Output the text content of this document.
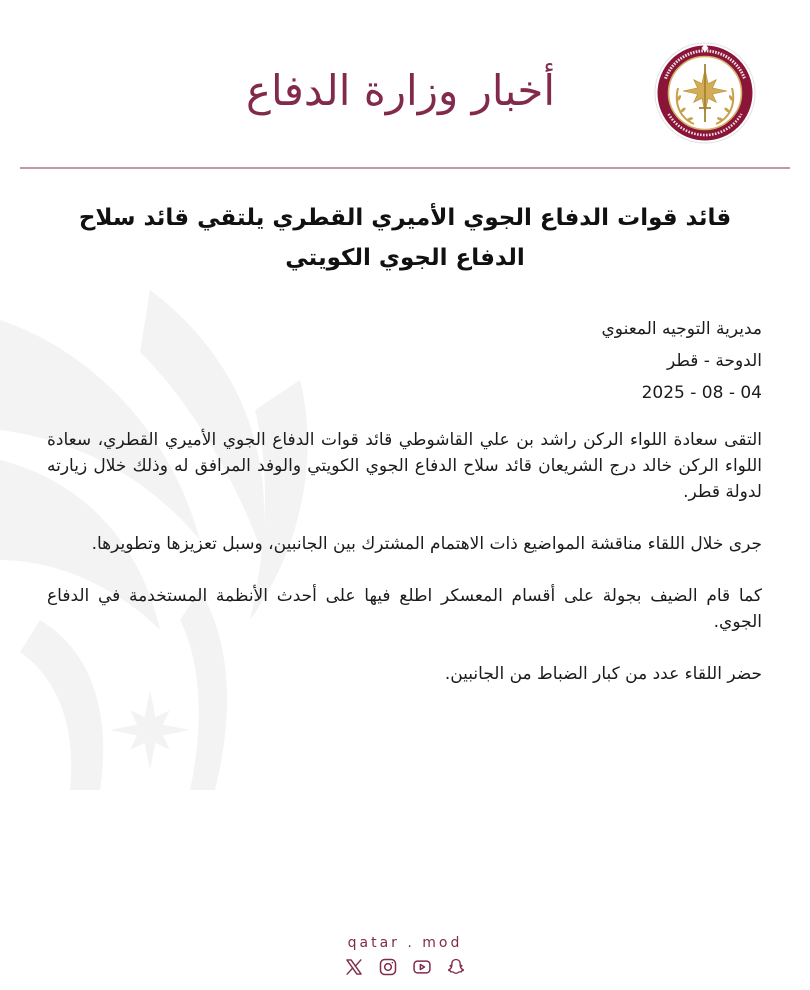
أخبار وزارة الدفاع
قائد قوات الدفاع الجوي الأميري القطري يلتقي قائد سلاح الدفاع الجوي الكويتي
مديرية التوجيه المعنوي
الدوحة - قطر
2025 - 08 - 04

التقى سعادة اللواء الركن راشد بن علي القاشوطي قائد قوات الدفاع الجوي الأميري القطري، سعادة اللواء الركن خالد درج الشريعان قائد سلاح الدفاع الجوي الكويتي والوفد المرافق له وذلك خلال زيارته لدولة قطر.

جرى خلال اللقاء مناقشة المواضيع ذات الاهتمام المشترك بين الجانبين، وسبل تعزيزها وتطويرها.

كما قام الضيف بجولة على أقسام المعسكر اطلع فيها على أحدث الأنظمة المستخدمة في الدفاع الجوي.

حضر اللقاء عدد من كبار الضباط من الجانبين.

qatar . mod
